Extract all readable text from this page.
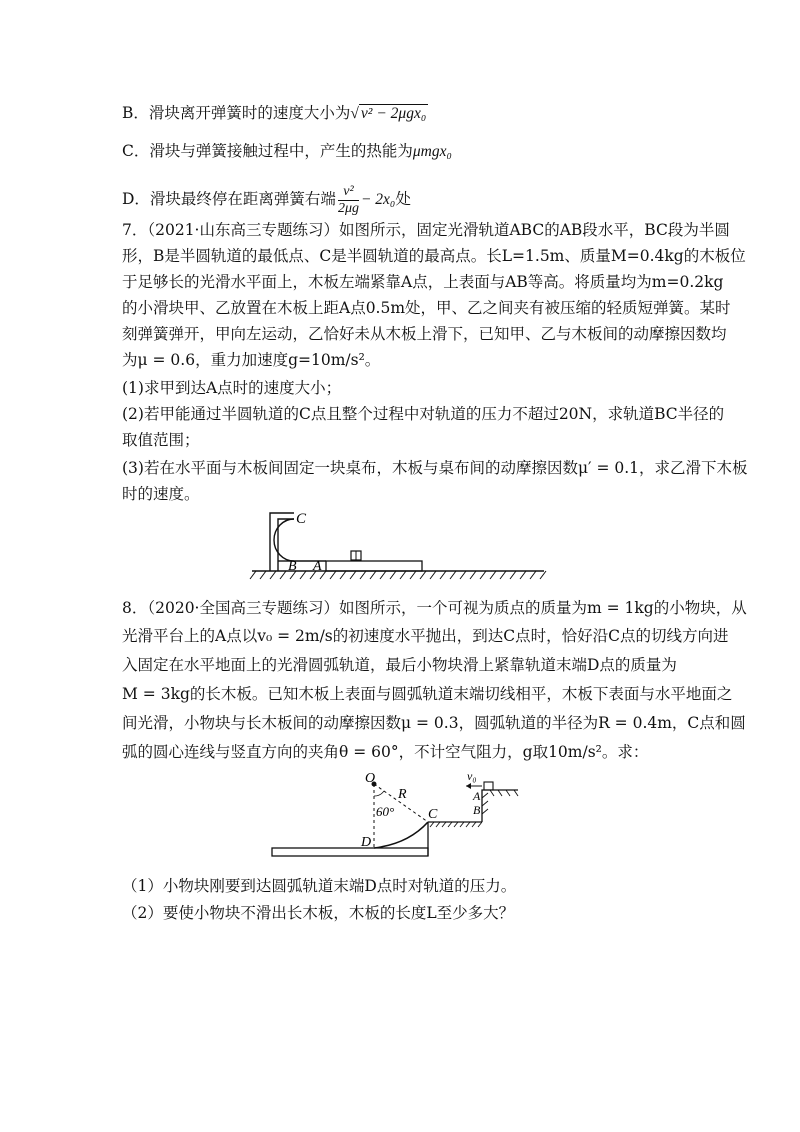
B．滑块离开弹簧时的速度大小为√ v² − 2μgx₀
C．滑块与弹簧接触过程中，产生的热能为μmgx₀
D．滑块最终停在距离弹簧右端 $\frac{\text{v²}}{2\mu g} - 2x_0$处
7．（2021·山东高三专题练习）如图所示，固定光滑轨道ABC的AB段水平，BC段为半圆
形，B是半圆轨道的最低点、C是半圆轨道的最高点。长L=1.5m、质量M=0.4kg的木板位
于足够长的光滑水平面上，木板左端紧靠A点，上表面与AB等高。将质量均为m=0.2kg
的小滑块甲、乙放置在木板上距A点0.5m处，甲、乙之间夹有被压缩的轻质短弹簧。某时
刻弹簧弹开，甲向左运动，乙恰好未从木板上滑下，已知甲、乙与木板间的动摩擦因数均
为μ = 0.6，重力加速度g=10m/s²。
(1)求甲到达A点时的速度大小；
(2)若甲能通过半圆轨道的C点且整个过程中对轨道的压力不超过20N，求轨道BC半径的
取值范围；
(3)若在水平面与木板间固定一块桌布，木板与桌布间的动摩擦因数μ′ = 0.1，求乙滑下木板
时的速度。
C
B A
8．（2020·全国高三专题练习）如图所示，一个可视为质点的质量为m = 1kg的小物块，从
光滑平台上的A点以v₀ = 2m/s的初速度水平抛出，到达C点时，恰好沿C点的切线方向进
入固定在水平地面上的光滑圆弧轨道，最后小物块滑上紧靠轨道末端D点的质量为
M = 3kg的长木板。已知木板上表面与圆弧轨道末端切线相平，木板下表面与水平地面之
间光滑，小物块与长木板间的动摩擦因数μ = 0.3，圆弧轨道的半径为R = 0.4m，C点和圆
弧的圆心连线与竖直方向的夹角θ = 60°，不计空气阻力，g取10m/s²。求：
O
R
60° C
D
A
B
v₀
（1）小物块刚要到达圆弧轨道末端D点时对轨道的压力。
（2）要使小物块不滑出长木板，木板的长度L至少多大？
